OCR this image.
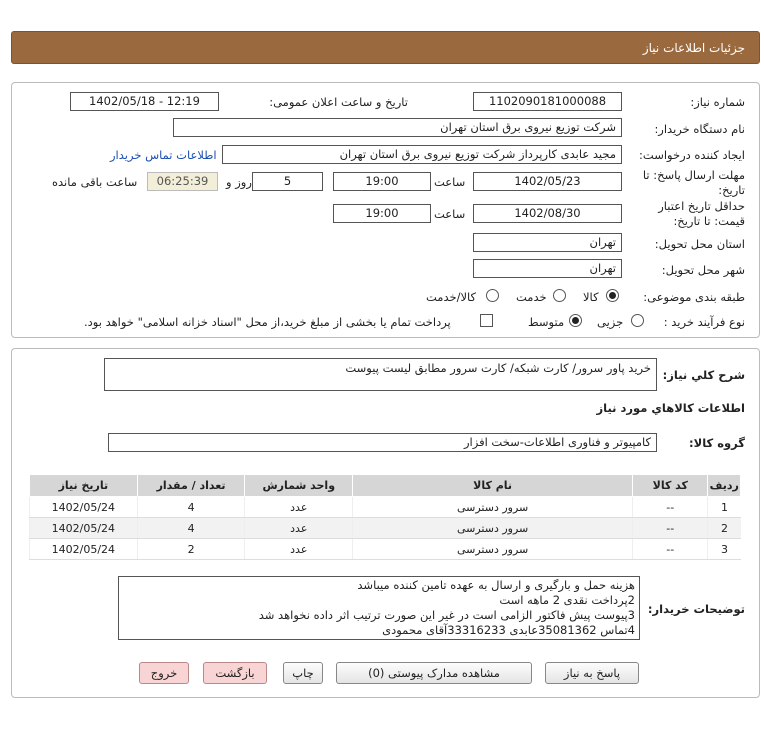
جزئیات اطلاعات نیاز
شماره نیاز:
1102090181000088
تاریخ و ساعت اعلان عمومی:
1402/05/18 - 12:19
نام دستگاه خریدار:
شرکت توزیع نیروی برق استان تهران
ایجاد کننده درخواست:
مجید عابدی کارپرداز شرکت توزیع نیروی برق استان تهران
اطلاعات تماس خریدار
مهلت ارسال پاسخ: تا تاریخ:
1402/05/23
ساعت
19:00
5
روز و
06:25:39
ساعت باقی مانده
حداقل تاریخ اعتبار قیمت: تا تاریخ:
1402/08/30
ساعت
19:00
استان محل تحویل:
تهران
شهر محل تحویل:
تهران
طبقه بندی موضوعی:
کالا
خدمت
کالا/خدمت
نوع فرآیند خرید :
جزیی
متوسط
پرداخت تمام یا بخشی از مبلغ خرید،از محل "اسناد خزانه اسلامی" خواهد بود.
شرح کلي نياز:
خرید پاور سرور/ کارت شبکه/ کارت سرور مطابق لیست پیوست
اطلاعات کالاهاي مورد نياز
گروه کالا:
کامپیوتر و فناوری اطلاعات-سخت افزار
ردیف	کد کالا	نام کالا	واحد شمارش	تعداد / مقدار	تاریخ نیاز
1	--	سرور دسترسی	عدد	4	1402/05/24
2	--	سرور دسترسی	عدد	4	1402/05/24
3	--	سرور دسترسی	عدد	2	1402/05/24
توضیحات خریدار:
هزینه حمل و بارگیری و ارسال به عهده تامین کننده میباشد
2پرداخت نقدی 2 ماهه است
3پیوست پیش فاکتور الزامی است در غیر این صورت ترتیب اثر داده نخواهد شد
4تماس 35081362عابدی 33316233آقای محمودی
پاسخ به نیاز
مشاهده مدارک پیوستی (0)
چاپ
بازگشت
خروج
